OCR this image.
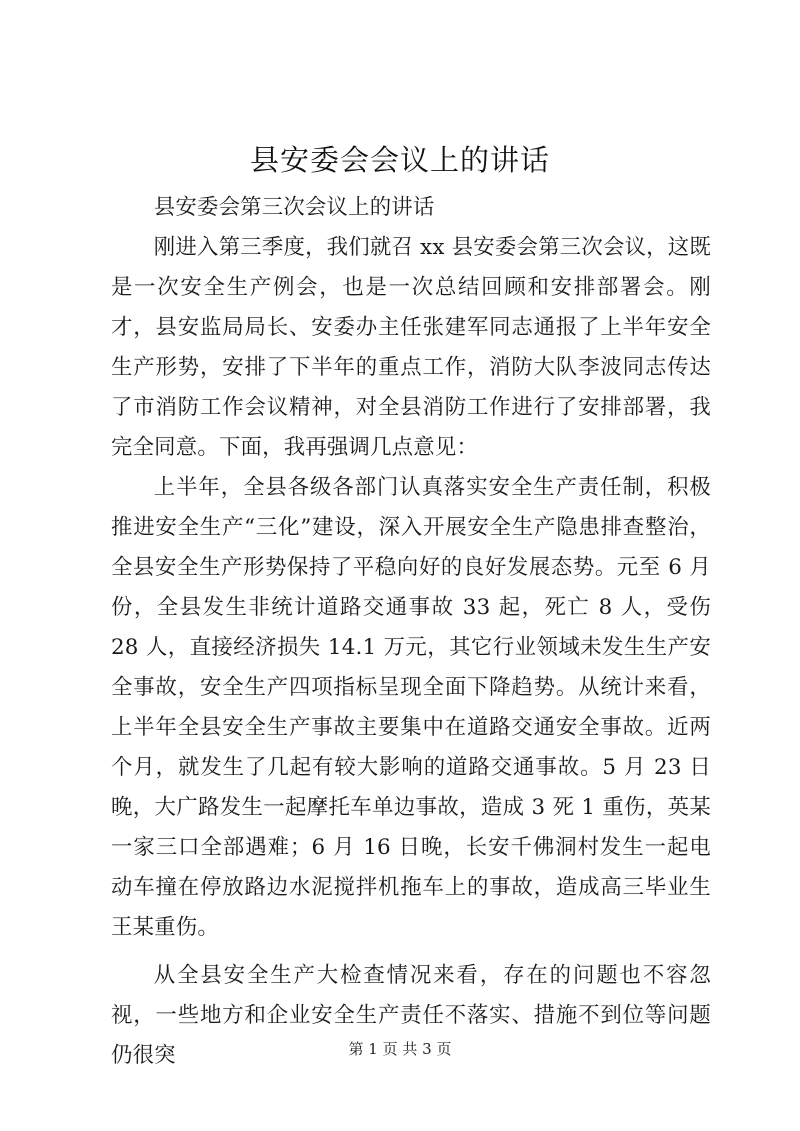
县安委会会议上的讲话

县安委会第三次会议上的讲话

刚进入第三季度，我们就召 xx 县安委会第三次会议，这既是一次安全生产例会，也是一次总结回顾和安排部署会。刚才，县安监局局长、安委办主任张建军同志通报了上半年安全生产形势，安排了下半年的重点工作，消防大队李波同志传达了市消防工作会议精神，对全县消防工作进行了安排部署，我完全同意。下面，我再强调几点意见：

上半年，全县各级各部门认真落实安全生产责任制，积极推进安全生产“三化”建设，深入开展安全生产隐患排查整治，全县安全生产形势保持了平稳向好的良好发展态势。元至 6 月份，全县发生非统计道路交通事故 33 起，死亡 8 人，受伤 28 人，直接经济损失 14.1 万元，其它行业领域未发生生产安全事故，安全生产四项指标呈现全面下降趋势。从统计来看，上半年全县安全生产事故主要集中在道路交通安全事故。近两个月，就发生了几起有较大影响的道路交通事故。5 月 23 日晚，大广路发生一起摩托车单边事故，造成 3 死 1 重伤，英某一家三口全部遇难；6 月 16 日晚，长安千佛洞村发生一起电动车撞在停放路边水泥搅拌机拖车上的事故，造成高三毕业生王某重伤。

从全县安全生产大检查情况来看，存在的问题也不容忽视，一些地方和企业安全生产责任不落实、措施不到位等问题仍很突	第 1 页 共 3 页
